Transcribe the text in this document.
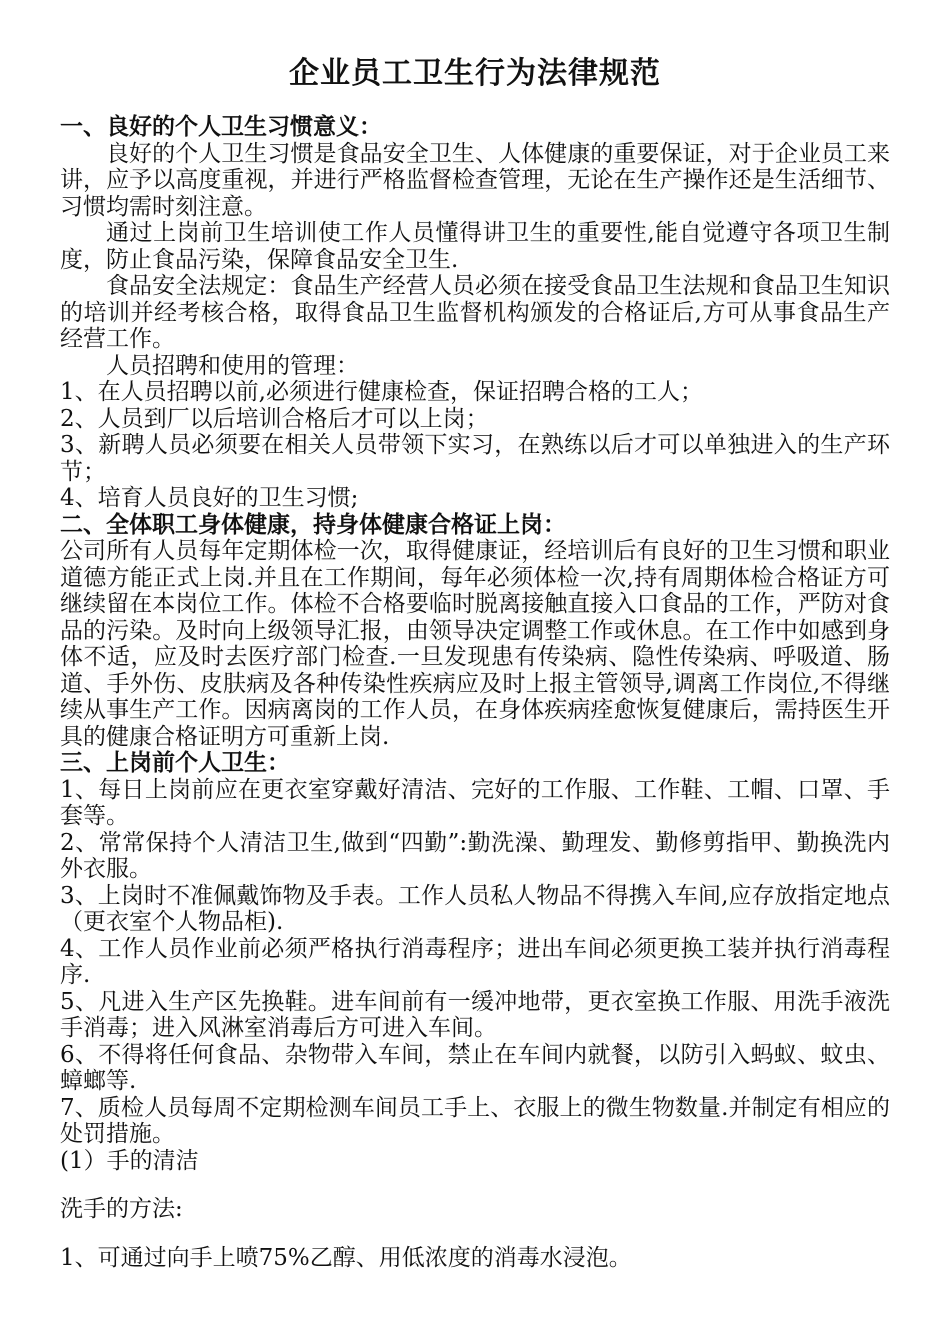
企业员工卫生行为法律规范

一、良好的个人卫生习惯意义：

良好的个人卫生习惯是食品安全卫生、人体健康的重要保证，对于企业员工来讲，应予以高度重视，并进行严格监督检查管理，无论在生产操作还是生活细节、习惯均需时刻注意。

通过上岗前卫生培训使工作人员懂得讲卫生的重要性,能自觉遵守各项卫生制度，防止食品污染，保障食品安全卫生.

食品安全法规定：食品生产经营人员必须在接受食品卫生法规和食品卫生知识的培训并经考核合格，取得食品卫生监督机构颁发的合格证后,方可从事食品生产经营工作。

人员招聘和使用的管理：

1、在人员招聘以前,必须进行健康检查，保证招聘合格的工人；

2、人员到厂以后培训合格后才可以上岗；

3、新聘人员必须要在相关人员带领下实习，在熟练以后才可以单独进入的生产环节；

4、培育人员良好的卫生习惯;

二、全体职工身体健康，持身体健康合格证上岗：

公司所有人员每年定期体检一次，取得健康证，经培训后有良好的卫生习惯和职业道德方能正式上岗.并且在工作期间，每年必须体检一次,持有周期体检合格证方可继续留在本岗位工作。体检不合格要临时脱离接触直接入口食品的工作，严防对食品的污染。及时向上级领导汇报，由领导决定调整工作或休息。在工作中如感到身体不适，应及时去医疗部门检查.一旦发现患有传染病、隐性传染病、呼吸道、肠道、手外伤、皮肤病及各种传染性疾病应及时上报主管领导,调离工作岗位,不得继续从事生产工作。因病离岗的工作人员，在身体疾病痊愈恢复健康后，需持医生开具的健康合格证明方可重新上岗.

三、上岗前个人卫生：

1、每日上岗前应在更衣室穿戴好清洁、完好的工作服、工作鞋、工帽、口罩、手套等。

2、常常保持个人清洁卫生,做到“四勤”:勤洗澡、勤理发、勤修剪指甲、勤换洗内外衣服。

3、上岗时不准佩戴饰物及手表。工作人员私人物品不得携入车间,应存放指定地点（更衣室个人物品柜).

4、工作人员作业前必须严格执行消毒程序；进出车间必须更换工装并执行消毒程序.

5、凡进入生产区先换鞋。进车间前有一缓冲地带，更衣室换工作服、用洗手液洗手消毒；进入风淋室消毒后方可进入车间。

6、不得将任何食品、杂物带入车间，禁止在车间内就餐，以防引入蚂蚁、蚊虫、蟑螂等.

7、质检人员每周不定期检测车间员工手上、衣服上的微生物数量.并制定有相应的处罚措施。

(1）手的清洁

洗手的方法:

1、可通过向手上喷75%乙醇、用低浓度的消毒水浸泡。
